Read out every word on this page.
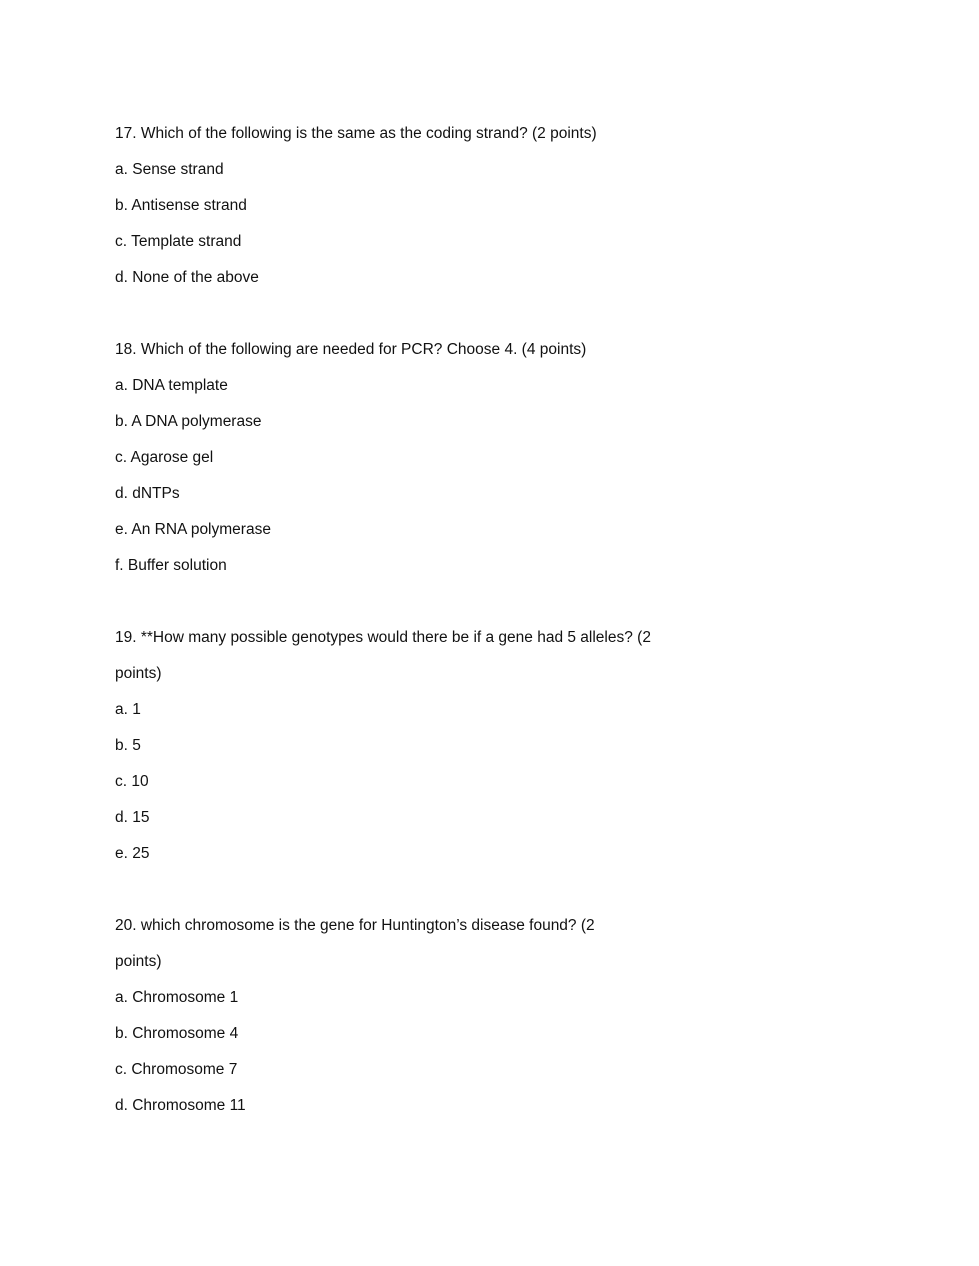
17. Which of the following is the same as the coding strand? (2 points)

a. Sense strand

b. Antisense strand

c. Template strand

d. None of the above

18. Which of the following are needed for PCR? Choose 4. (4 points)

a. DNA template

b. A DNA polymerase

c. Agarose gel

d. dNTPs

e. An RNA polymerase

f. Buffer solution

19. **How many possible genotypes would there be if a gene had 5 alleles? (2

points)

a. 1

b. 5

c. 10

d. 15

e. 25

20. which chromosome is the gene for Huntington’s disease found? (2

points)

a. Chromosome 1

b. Chromosome 4

c. Chromosome 7

d. Chromosome 11
